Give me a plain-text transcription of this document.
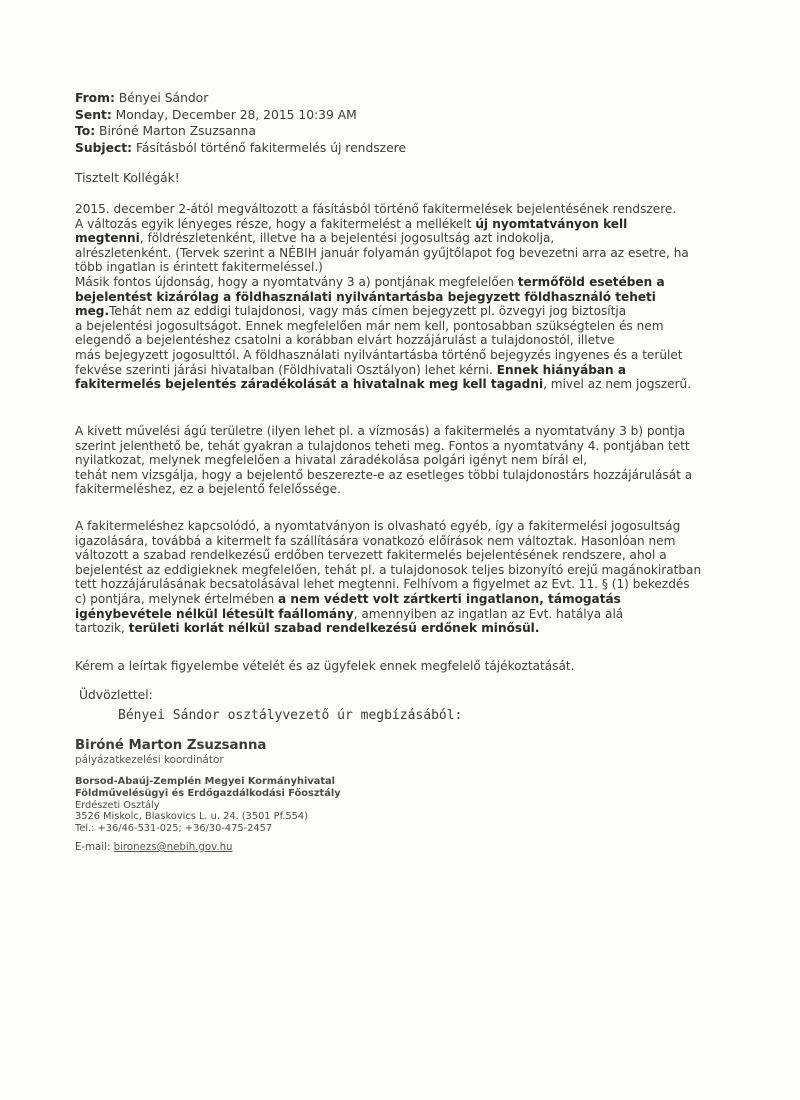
From: Bényei Sándor
Sent: Monday, December 28, 2015 10:39 AM
To: Biróné Marton Zsuzsanna
Subject: Fásításból történő fakitermelés új rendszere
Tisztelt Kollégák!
2015. december 2-ától megváltozott a fásításból történő fakitermelések bejelentésének rendszere.
A változás egyik lényeges része, hogy a fakitermelést a mellékelt új nyomtatványon kell
megtenni, földrészletenként, illetve ha a bejelentési jogosultság azt indokolja,
alrészletenként. (Tervek szerint a NÉBIH január folyamán gyűjtőlapot fog bevezetni arra az esetre, ha
több ingatlan is érintett fakitermeléssel.)
Másik fontos újdonság, hogy a nyomtatvány 3 a) pontjának megfelelően termőföld esetében a
bejelentést kizárólag a földhasználati nyilvántartásba bejegyzett földhasználó teheti
meg.Tehát nem az eddigi tulajdonosi, vagy más címen bejegyzett pl. özvegyi jog biztosítja
a bejelentési jogosultságot. Ennek megfelelően már nem kell, pontosabban szükségtelen és nem
elegendő a bejelentéshez csatolni a korábban elvárt hozzájárulást a tulajdonostól, illetve
más bejegyzett jogosulttól. A földhasználati nyilvántartásba történő bejegyzés ingyenes és a terület
fekvése szerinti járási hivatalban (Földhivatali Osztályon) lehet kérni. Ennek hiányában a
fakitermelés bejelentés záradékolását a hivatalnak meg kell tagadni, mivel az nem jogszerű.
A kivett művelési ágú területre (ilyen lehet pl. a vízmosás) a fakitermelés a nyomtatvány 3 b) pontja
szerint jelenthető be, tehát gyakran a tulajdonos teheti meg. Fontos a nyomtatvány 4. pontjában tett
nyilatkozat, melynek megfelelően a hivatal záradékolása polgári igényt nem bírál el,
tehát nem vizsgálja, hogy a bejelentő beszerezte-e az esetleges többi tulajdonostárs hozzájárulását a
fakitermeléshez, ez a bejelentő felelőssége.
A fakitermeléshez kapcsolódó, a nyomtatványon is olvasható egyéb, így a fakitermelési jogosultság
igazolására, továbbá a kitermelt fa szállítására vonatkozó előírások nem változtak. Hasonlóan nem
változott a szabad rendelkezésű erdőben tervezett fakitermelés bejelentésének rendszere, ahol a
bejelentést az eddigieknek megfelelően, tehát pl. a tulajdonosok teljes bizonyító erejű magánokiratban
tett hozzájárulásának becsatolásával lehet megtenni. Felhívom a figyelmet az Evt. 11. § (1) bekezdés
c) pontjára, melynek értelmében a nem védett volt zártkerti ingatlanon, támogatás
igénybevétele nélkül létesült faállomány, amennyiben az ingatlan az Evt. hatálya alá
tartozik, területi korlát nélkül szabad rendelkezésű erdőnek minősül.
Kérem a leírtak figyelembe vételét és az ügyfelek ennek megfelelő tájékoztatását.
Üdvözlettel:
Bényei Sándor osztályvezető úr megbízásából:
Biróné Marton Zsuzsanna
pályázatkezelési koordinátor
Borsod-Abaúj-Zemplén Megyei Kormányhivatal
Földművelésügyi és Erdőgazdálkodási Főosztály
Erdészeti Osztály
3526 Miskolc, Blaskovics L. u. 24. (3501 Pf.554)
Tel.: +36/46-531-025; +36/30-475-2457
E-mail: bironezs@nebih.gov.hu
